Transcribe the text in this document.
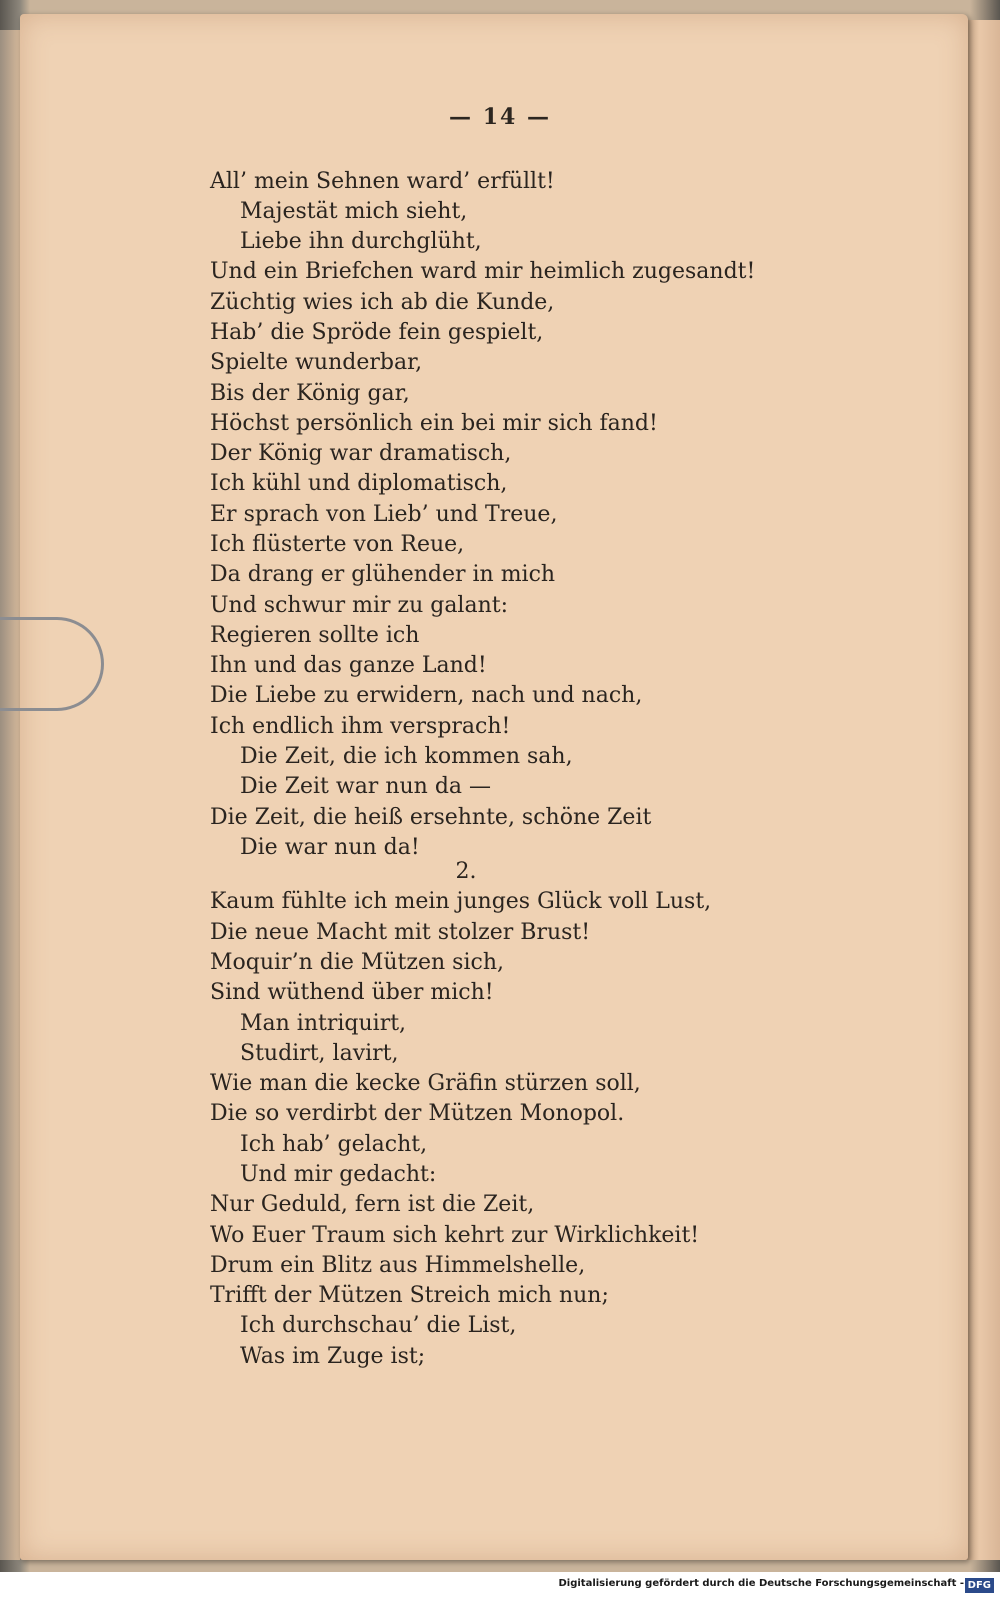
— 14 —
All’ mein Sehnen ward’ erfüllt!
Majestät mich sieht,
Liebe ihn durchglüht,
Und ein Briefchen ward mir heimlich zugesandt!
Züchtig wies ich ab die Kunde,
Hab’ die Spröde fein gespielt,
Spielte wunderbar,
Bis der König gar,
Höchst persönlich ein bei mir sich fand!
Der König war dramatisch,
Ich kühl und diplomatisch,
Er sprach von Lieb’ und Treue,
Ich flüsterte von Reue,
Da drang er glühender in mich
Und schwur mir zu galant:
Regieren sollte ich
Ihn und das ganze Land!
Die Liebe zu erwidern, nach und nach,
Ich endlich ihm versprach!
Die Zeit, die ich kommen sah,
Die Zeit war nun da —
Die Zeit, die heiß ersehnte, schöne Zeit
Die war nun da!
2.
Kaum fühlte ich mein junges Glück voll Lust,
Die neue Macht mit stolzer Brust!
Moquir’n die Mützen sich,
Sind wüthend über mich!
Man intriquirt,
Studirt, lavirt,
Wie man die kecke Gräfin stürzen soll,
Die so verdirbt der Mützen Monopol.
Ich hab’ gelacht,
Und mir gedacht:
Nur Geduld, fern ist die Zeit,
Wo Euer Traum sich kehrt zur Wirklichkeit!
Drum ein Blitz aus Himmelshelle,
Trifft der Mützen Streich mich nun;
Ich durchschau’ die List,
Was im Zuge ist;
Digitalisierung gefördert durch die Deutsche Forschungsgemeinschaft - DFG
